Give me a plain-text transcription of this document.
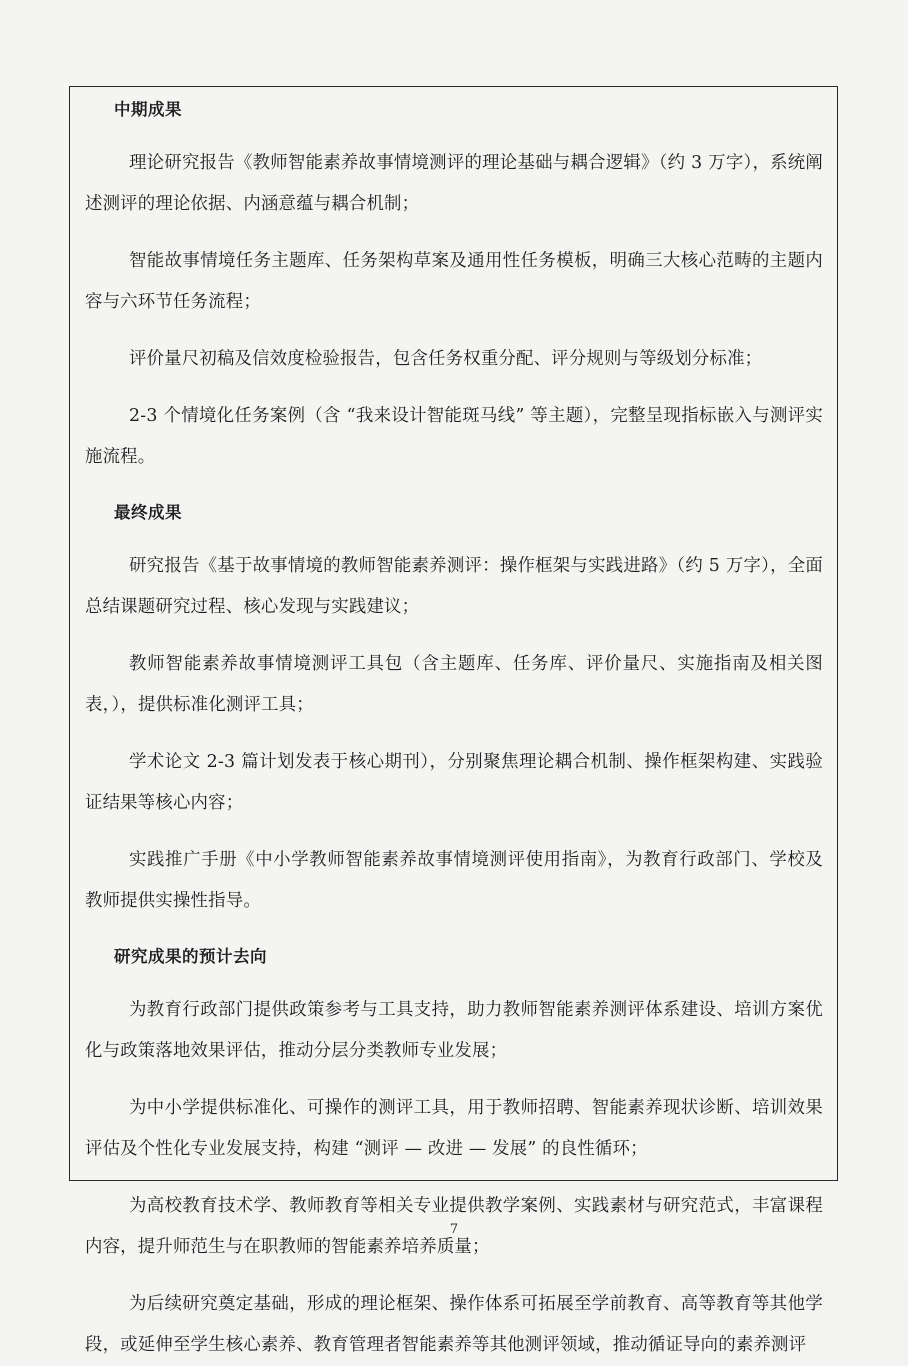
中期成果

理论研究报告《教师智能素养故事情境测评的理论基础与耦合逻辑》（约 3 万字），系统阐述测评的理论依据、内涵意蕴与耦合机制；

智能故事情境任务主题库、任务架构草案及通用性任务模板，明确三大核心范畴的主题内容与六环节任务流程；

评价量尺初稿及信效度检验报告，包含任务权重分配、评分规则与等级划分标准；

2-3 个情境化任务案例（含 “我来设计智能斑马线” 等主题），完整呈现指标嵌入与测评实施流程。

最终成果

研究报告《基于故事情境的教师智能素养测评：操作框架与实践进路》（约 5 万字），全面总结课题研究过程、核心发现与实践建议；

教师智能素养故事情境测评工具包（含主题库、任务库、评价量尺、实施指南及相关图表，），提供标准化测评工具；

学术论文 2-3 篇计划发表于核心期刊），分别聚焦理论耦合机制、操作框架构建、实践验证结果等核心内容；

实践推广手册《中小学教师智能素养故事情境测评使用指南》，为教育行政部门、学校及教师提供实操性指导。

研究成果的预计去向

为教育行政部门提供政策参考与工具支持，助力教师智能素养测评体系建设、培训方案优化与政策落地效果评估，推动分层分类教师专业发展；

为中小学提供标准化、可操作的测评工具，用于教师招聘、智能素养现状诊断、培训效果评估及个性化专业发展支持，构建 “测评 — 改进 — 发展” 的良性循环；

为高校教育技术学、教师教育等相关专业提供教学案例、实践素材与研究范式，丰富课程内容，提升师范生与在职教师的智能素养培养质量；

为后续研究奠定基础，形成的理论框架、操作体系可拓展至学前教育、高等教育等其他学段，或延伸至学生核心素养、教育管理者智能素养等其他测评领域，推动循证导向的素养测评

7
